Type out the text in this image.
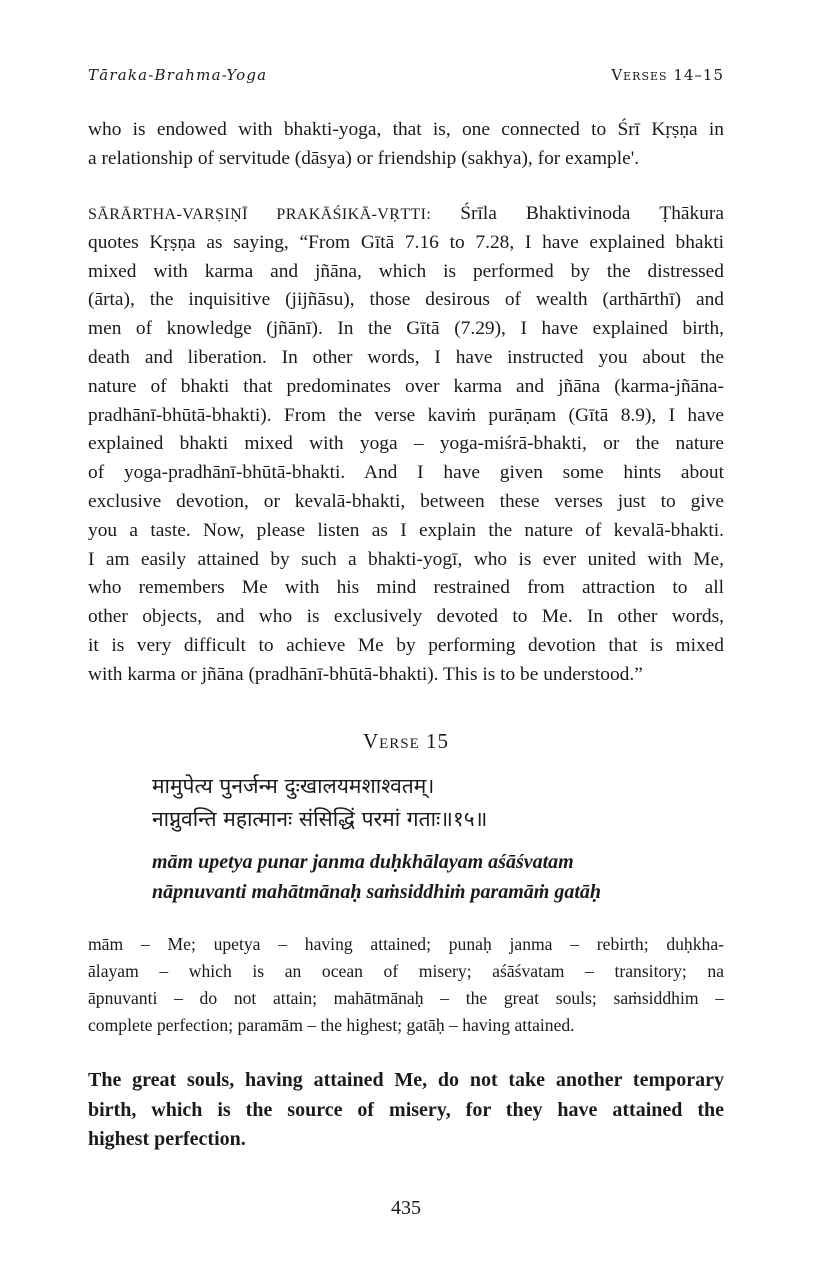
Tāraka-Brahma-Yoga	Verses 14–15
who is endowed with bhakti-yoga, that is, one connected to Śrī Kṛṣṇa in
a relationship of servitude (dāsya) or friendship (sakhya), for example'.
SĀRĀRTHA-VARṢIṆĪ PRAKĀŚIKĀ-VṚTTI: Śrīla Bhaktivinoda Ṭhākura
quotes Kṛṣṇa as saying, “From Gītā 7.16 to 7.28, I have explained bhakti
mixed with karma and jñāna, which is performed by the distressed
(ārta), the inquisitive (jijñāsu), those desirous of wealth (arthārthī) and
men of knowledge (jñānī). In the Gītā (7.29), I have explained birth,
death and liberation. In other words, I have instructed you about the
nature of bhakti that predominates over karma and jñāna (karma-jñāna-
pradhānī-bhūtā-bhakti). From the verse kaviṁ purāṇam (Gītā 8.9), I have
explained bhakti mixed with yoga – yoga-miśrā-bhakti, or the nature
of yoga-pradhānī-bhūtā-bhakti. And I have given some hints about
exclusive devotion, or kevalā-bhakti, between these verses just to give
you a taste. Now, please listen as I explain the nature of kevalā-bhakti.
I am easily attained by such a bhakti-yogī, who is ever united with Me,
who remembers Me with his mind restrained from attraction to all
other objects, and who is exclusively devoted to Me. In other words,
it is very difficult to achieve Me by performing devotion that is mixed
with karma or jñāna (pradhānī-bhūtā-bhakti). This is to be understood.”
Verse 15
मामुपेत्य पुनर्जन्म दुःखालयमशाश्वतम्।
नाप्नुवन्ति महात्मानः संसिद्धिं परमां गताः॥१५॥
mām upetya punar janma duḥkhālayam aśāśvatam
nāpnuvanti mahātmānaḥ saṁsiddhiṁ paramāṁ gatāḥ
mām – Me; upetya – having attained; punaḥ janma – rebirth; duḥkha-
ālayam – which is an ocean of misery; aśāśvatam – transitory; na
āpnuvanti – do not attain; mahātmānaḥ – the great souls; saṁsiddhim –
complete perfection; paramām – the highest; gatāḥ – having attained.
The great souls, having attained Me, do not take another temporary
birth, which is the source of misery, for they have attained the
highest perfection.
435
